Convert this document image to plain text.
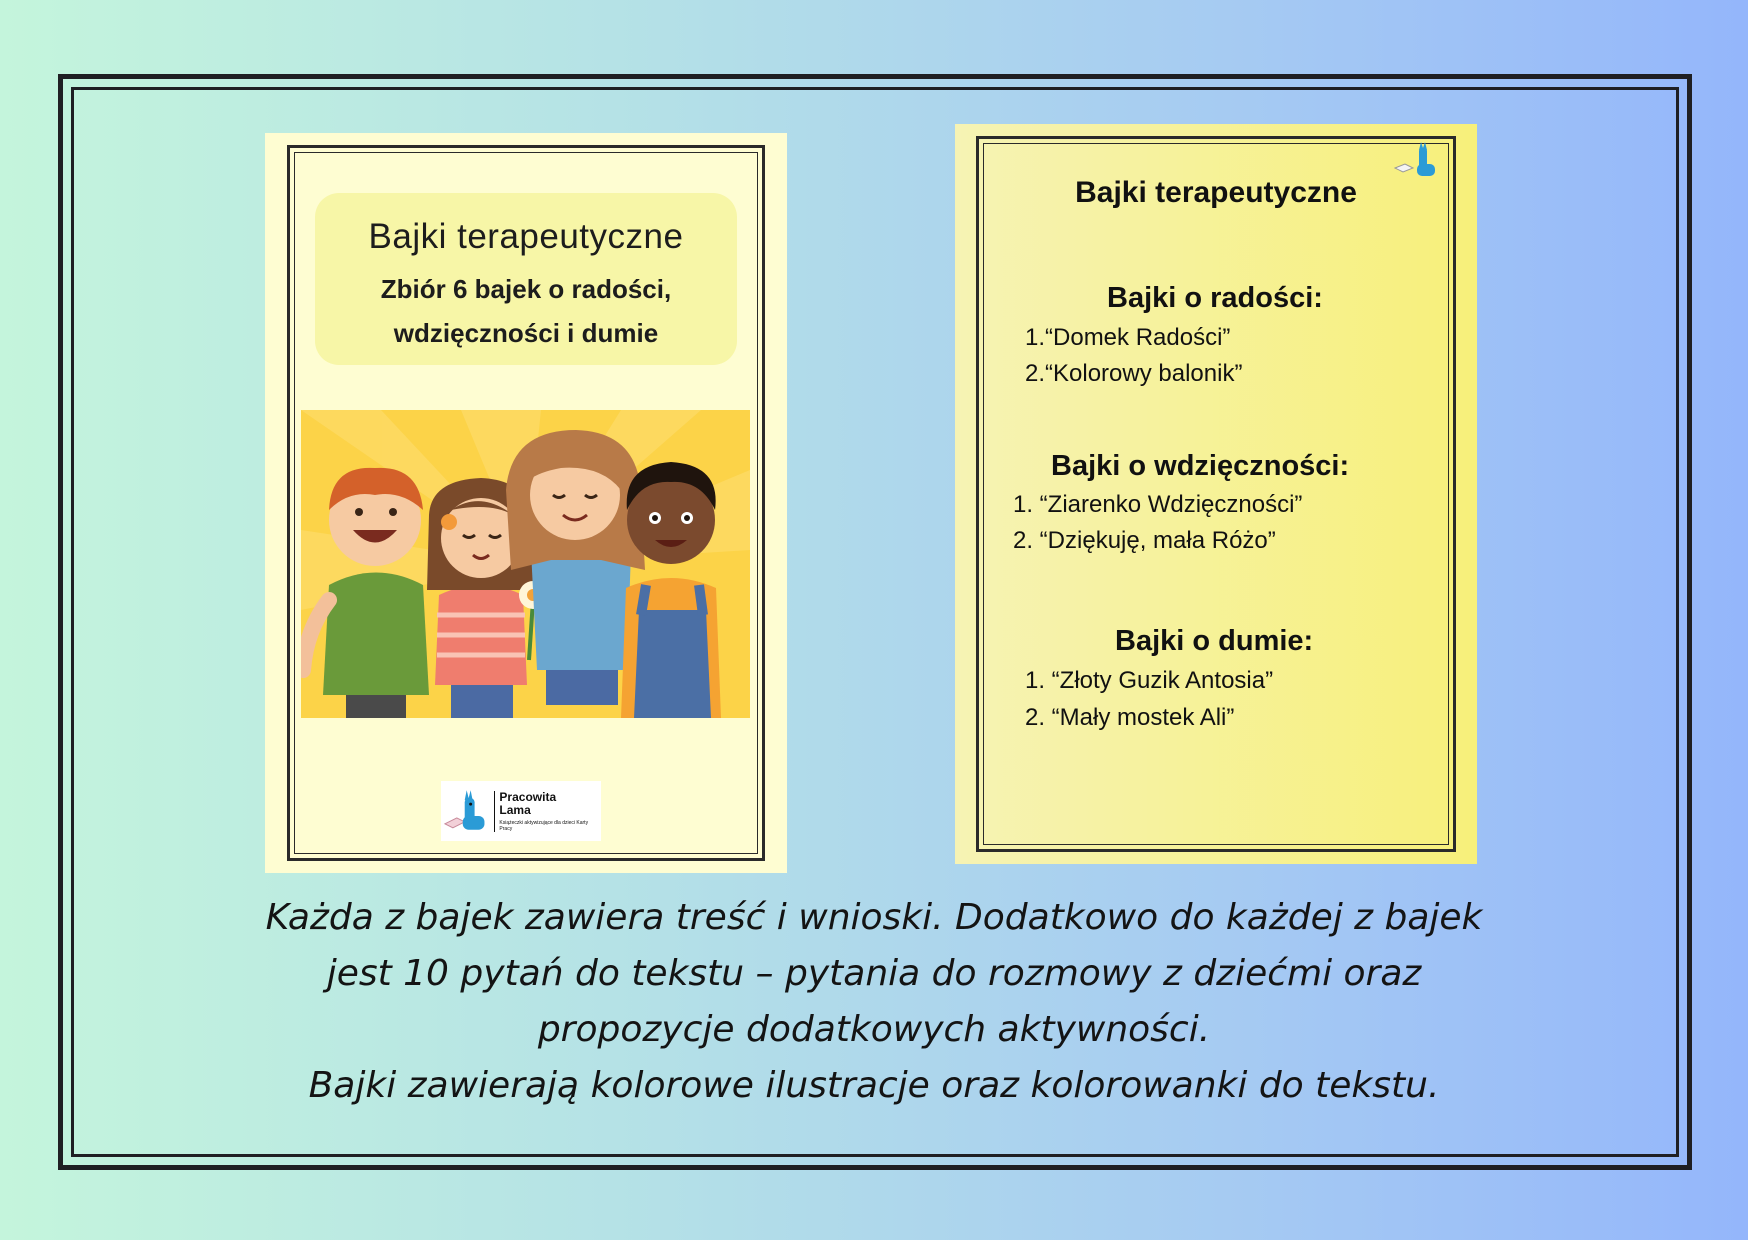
Bajki terapeutyczne
Zbiór 6 bajek o radości,
wdzięczności i dumie
Pracowita
Lama
Książeczki aktywizujące dla dzieci Karty Pracy
Bajki terapeutyczne
Bajki o radości:
1.“Domek Radości”
2.“Kolorowy balonik”
Bajki o wdzięczności:
1. “Ziarenko Wdzięczności”
2. “Dziękuję, mała Różo”
Bajki o dumie:
1. “Złoty Guzik Antosia”
2. “Mały mostek Ali”
Każda z bajek zawiera treść i wnioski. Dodatkowo do każdej z bajek
jest 10 pytań do tekstu – pytania do rozmowy z dziećmi oraz
propozycje dodatkowych aktywności.
Bajki zawierają kolorowe ilustracje oraz kolorowanki do tekstu.
